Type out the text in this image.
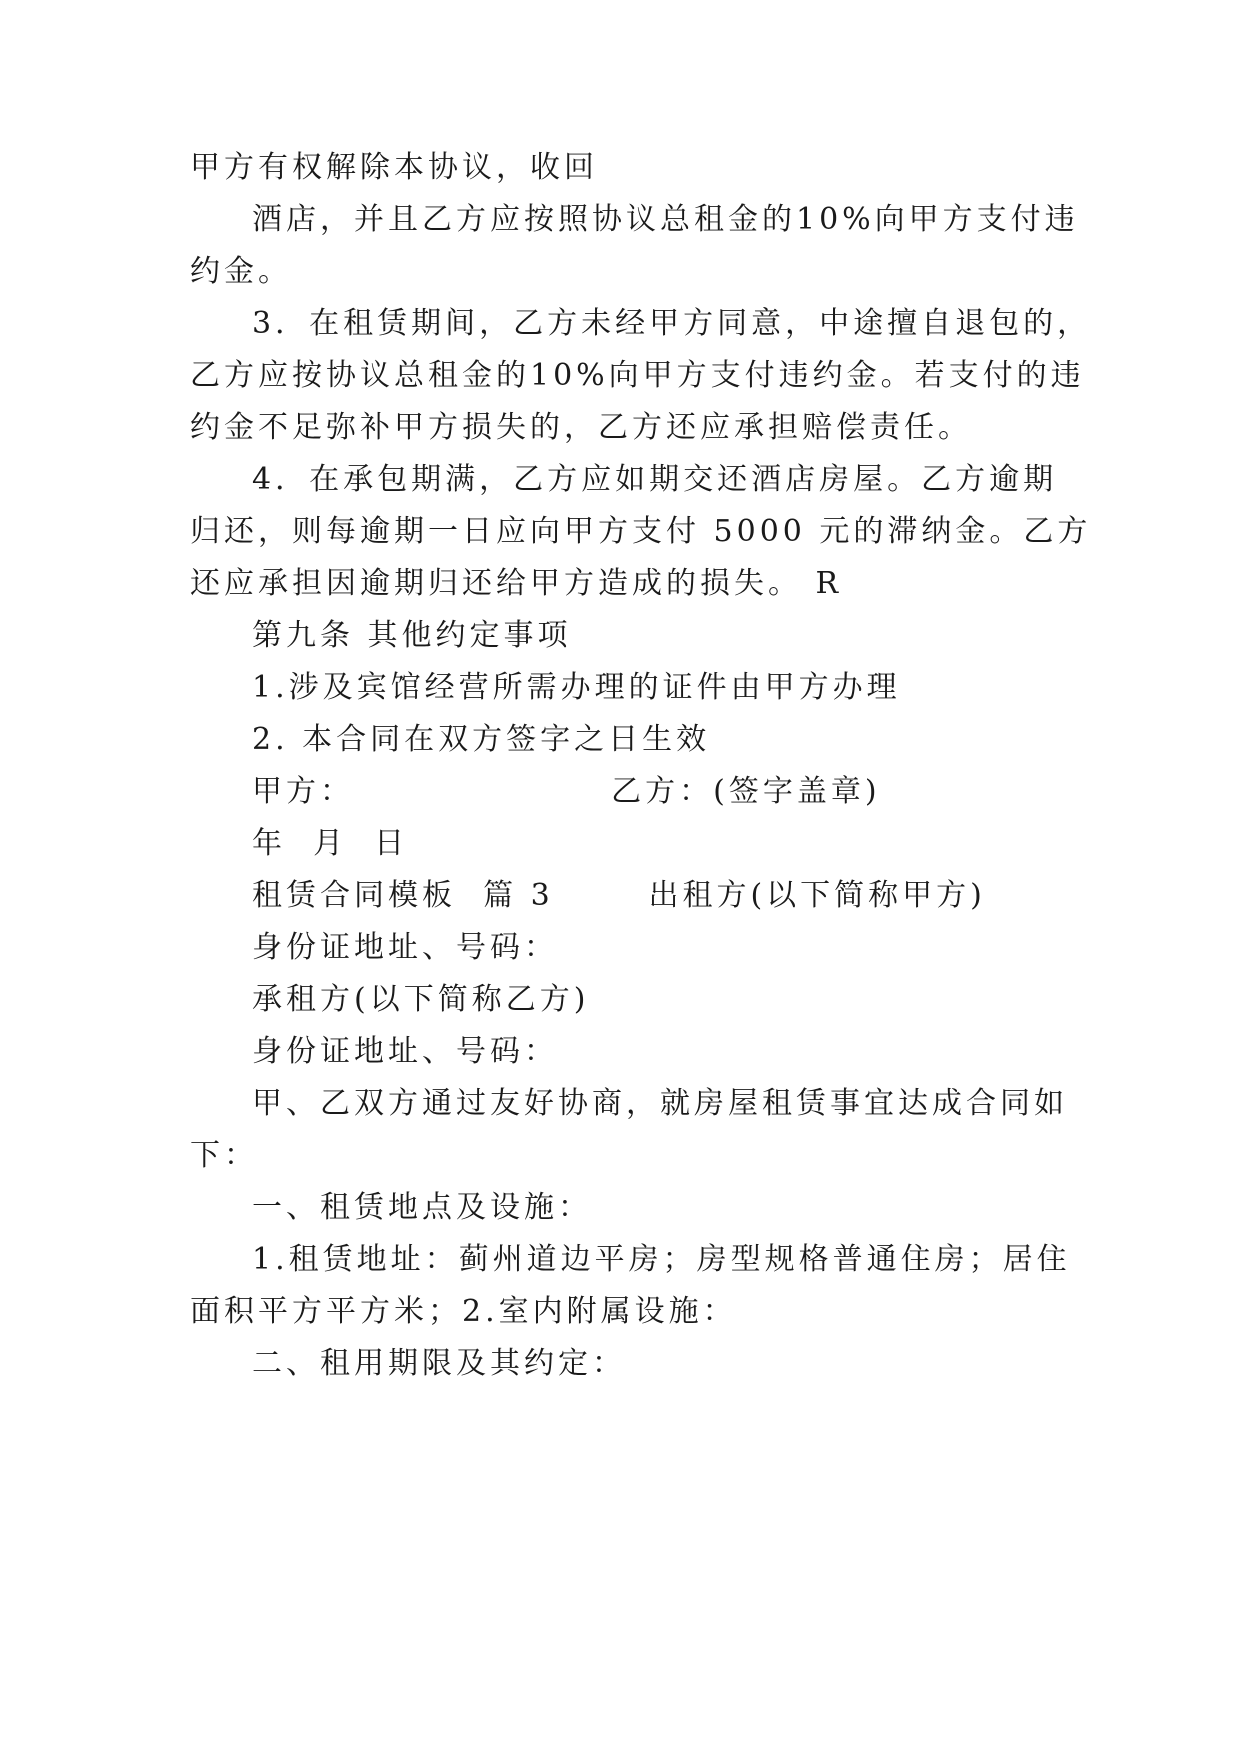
甲方有权解除本协议，收回

酒店，并且乙方应按照协议总租金的10%向甲方支付违

约金。

3．在租赁期间，乙方未经甲方同意，中途擅自退包的，

乙方应按协议总租金的10%向甲方支付违约金。若支付的违

约金不足弥补甲方损失的，乙方还应承担赔偿责任。

4．在承包期满，乙方应如期交还酒店房屋。乙方逾期

归还，则每逾期一日应向甲方支付 5000 元的滞纳金。乙方

还应承担因逾期归还给甲方造成的损失。 R

第九条 其他约定事项

1.涉及宾馆经营所需办理的证件由甲方办理

2. 本合同在双方签字之日生效

甲方：                   乙方：(签字盖章)

年  月  日

租赁合同模板  篇 3       出租方(以下简称甲方)

身份证地址、号码：

承租方(以下简称乙方)

身份证地址、号码：

甲、乙双方通过友好协商，就房屋租赁事宜达成合同如

下：

一、租赁地点及设施：

1.租赁地址：蓟州道边平房；房型规格普通住房；居住

面积平方平方米；2.室内附属设施：

二、租用期限及其约定：
